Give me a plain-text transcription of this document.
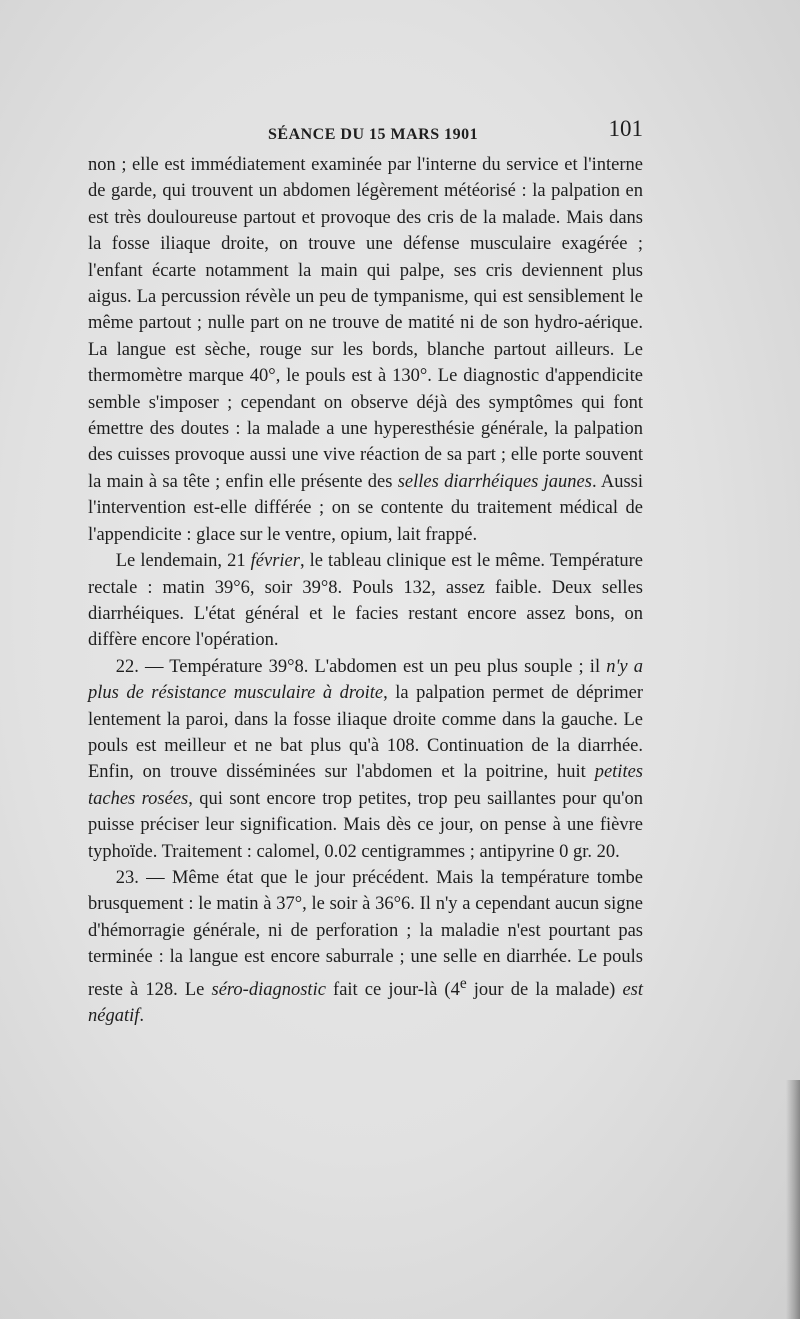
SÉANCE DU 15 MARS 1901	101

non ; elle est immédiatement examinée par l'interne du service et l'interne de garde, qui trouvent un abdomen légèrement météorisé : la palpation en est très douloureuse partout et provoque des cris de la malade. Mais dans la fosse iliaque droite, on trouve une défense musculaire exagérée ; l'enfant écarte notamment la main qui palpe, ses cris deviennent plus aigus. La percussion révèle un peu de tympanisme, qui est sensiblement le même partout ; nulle part on ne trouve de matité ni de son hydro-aérique. La langue est sèche, rouge sur les bords, blanche partout ailleurs. Le thermomètre marque 40°, le pouls est à 130°. Le diagnostic d'appendicite semble s'imposer ; cependant on observe déjà des symptômes qui font émettre des doutes : la malade a une hyperesthésie générale, la palpation des cuisses provoque aussi une vive réaction de sa part ; elle porte souvent la main à sa tête ; enfin elle présente des selles diarrhéiques jaunes. Aussi l'intervention est-elle différée ; on se contente du traitement médical de l'appendicite : glace sur le ventre, opium, lait frappé.

Le lendemain, 21 février, le tableau clinique est le même. Température rectale : matin 39°6, soir 39°8. Pouls 132, assez faible. Deux selles diarrhéiques. L'état général et le facies restant encore assez bons, on diffère encore l'opération.

22. — Température 39°8. L'abdomen est un peu plus souple ; il n'y a plus de résistance musculaire à droite, la palpation permet de déprimer lentement la paroi, dans la fosse iliaque droite comme dans la gauche. Le pouls est meilleur et ne bat plus qu'à 108. Continuation de la diarrhée. Enfin, on trouve disséminées sur l'abdomen et la poitrine, huit petites taches rosées, qui sont encore trop petites, trop peu saillantes pour qu'on puisse préciser leur signification. Mais dès ce jour, on pense à une fièvre typhoïde. Traitement : calomel, 0.02 centigrammes ; antipyrine 0 gr. 20.

23. — Même état que le jour précédent. Mais la température tombe brusquement : le matin à 37°, le soir à 36°6. Il n'y a cependant aucun signe d'hémorragie générale, ni de perforation ; la maladie n'est pourtant pas terminée : la langue est encore saburrale ; une selle en diarrhée. Le pouls reste à 128. Le séro-diagnostic fait ce jour-là (4e jour de la malade) est négatif.
